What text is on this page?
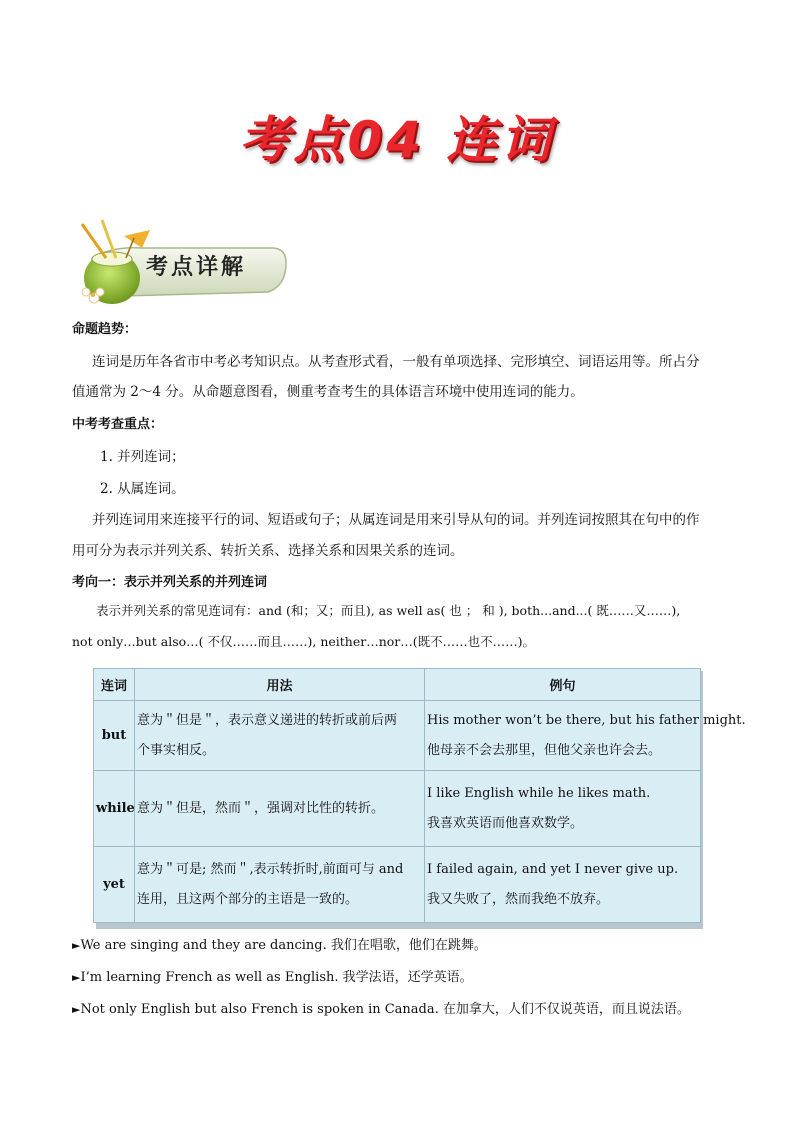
考点04 连词
考点详解
命题趋势：
连词是历年各省市中考必考知识点。从考查形式看，一般有单项选择、完形填空、词语运用等。所占分
值通常为 2～4 分。从命题意图看，侧重考查考生的具体语言环境中使用连词的能力。
中考考查重点：
1. 并列连词；
2. 从属连词。
并列连词用来连接平行的词、短语或句子；从属连词是用来引导从句的词。并列连词按照其在句中的作
用可分为表示并列关系、转折关系、选择关系和因果关系的连词。
考向一：表示并列关系的并列连词
表示并列关系的常见连词有：and (和；又；而且), as well as( 也 ； 和 ), both...and...( 既……又……),
not only…but also…( 不仅……而且……), neither…nor…(既不……也不……)。
连词	用法	例句
but	意为＂但是＂，表示意义递进的转折或前后两
个事实相反。	His mother won’t be there, but his father might.
他母亲不会去那里，但他父亲也许会去。

while	意为＂但是，然而＂，强调对比性的转折。	I like English while he likes math.
我喜欢英语而他喜欢数学。

yet	意为＂可是; 然而＂,表示转折时,前面可与 and
连用，且这两个部分的主语是一致的。	I failed again, and yet I never give up.
我又失败了，然而我绝不放弃。
►We are singing and they are dancing. 我们在唱歌，他们在跳舞。
►I’m learning French as well as English. 我学法语，还学英语。
►Not only English but also French is spoken in Canada. 在加拿大，人们不仅说英语，而且说法语。
